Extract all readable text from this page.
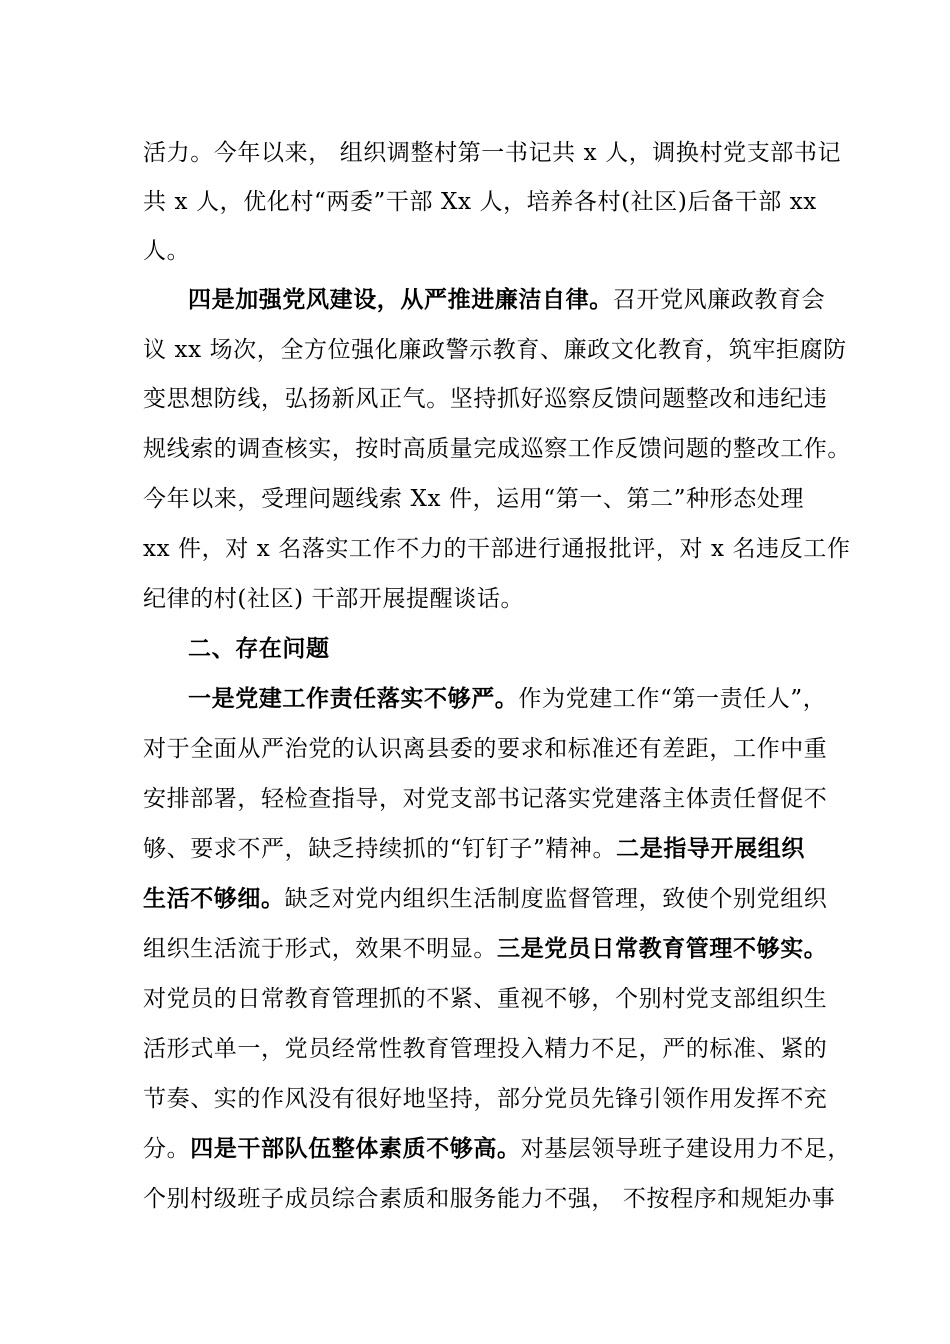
活力。今年以来， 组织调整村第一书记共 x 人，调换村党支部书记
共 x 人，优化村“两委”干部 Xx 人，培养各村(社区)后备干部 xx
人。
四是加强党风建设，从严推进廉洁自律。召开党风廉政教育会
议 xx 场次，全方位强化廉政警示教育、廉政文化教育，筑牢拒腐防
变思想防线，弘扬新风正气。坚持抓好巡察反馈问题整改和违纪违
规线索的调查核实，按时高质量完成巡察工作反馈问题的整改工作。
今年以来，受理问题线索 Xx 件，运用“第一、第二”种形态处理
xx 件，对 x 名落实工作不力的干部进行通报批评，对 x 名违反工作
纪律的村(社区) 干部开展提醒谈话。
二、存在问题
一是党建工作责任落实不够严。作为党建工作“第一责任人”，
对于全面从严治党的认识离县委的要求和标准还有差距，工作中重
安排部署，轻检查指导，对党支部书记落实党建落主体责任督促不
够、要求不严，缺乏持续抓的“钉钉子”精神。二是指导开展组织
生活不够细。缺乏对党内组织生活制度监督管理，致使个别党组织
组织生活流于形式，效果不明显。三是党员日常教育管理不够实。
对党员的日常教育管理抓的不紧、重视不够，个别村党支部组织生
活形式单一，党员经常性教育管理投入精力不足，严的标准、紧的
节奏、实的作风没有很好地坚持，部分党员先锋引领作用发挥不充
分。四是干部队伍整体素质不够高。对基层领导班子建设用力不足，
个别村级班子成员综合素质和服务能力不强， 不按程序和规矩办事
